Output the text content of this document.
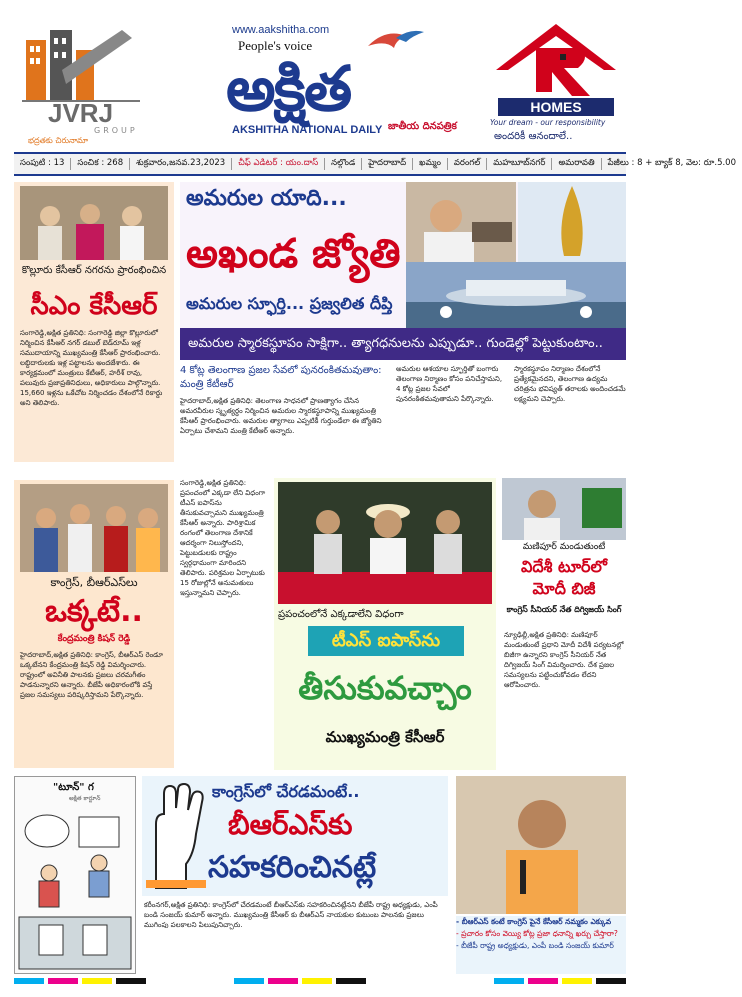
JVRJ
GROUP
భద్రతకు చిరునామా
www.aakshitha.com
People's voice
అక్షిత
AKSHITHA NATIONAL DAILY జాతీయ దినపత్రిక
HOMES
Your dream - our responsibility
అందరికీ ఆనందాలే..
సంపుటి : 13	సంచిక : 268	శుక్రవారం,జనవ.23,2023	చీఫ్ ఎడిటర్ : యం.దాస్	నల్గొండ	హైదరాబాద్	ఖమ్మం	వరంగల్	మహబూబ్‌నగర్	అమరావతి	పేజీలు : 8 + బ్యాక్ 8, వెల: రూ.5.00
కొల్లూరు కేసీఆర్ నగరను ప్రారంభించిన
సీఎం కేసీఆర్
సంగారెడ్డి,అక్షిత ప్రతినిధి: సంగారెడ్డి జిల్లా కొల్లూరులో నిర్మించిన కేసీఆర్ నగర్ డబుల్ బెడ్‌రూమ్ ఇళ్ల సముదాయాన్ని ముఖ్యమంత్రి కేసీఆర్ ప్రారంభించారు. లబ్దిదారులకు ఇళ్ల పట్టాలను అందజేశారు. ఈ కార్యక్రమంలో మంత్రులు కేటీఆర్, హరీశ్ రావు, పలువురు ప్రజాప్రతినిధులు, అధికారులు పాల్గొన్నారు. 15,660 ఇళ్లను ఒకేచోట నిర్మించడం దేశంలోనే రికార్డు అని తెలిపారు.
అమరుల యాది...
అఖండ జ్యోతి
అమరుల స్ఫూర్తి... ప్రజ్వలిత దీప్తి
అమరుల స్మారకస్థూపం సాక్షిగా.. త్యాగధనులను ఎప్పుడూ.. గుండెల్లో పెట్టుకుంటాం..
4 కోట్ల తెలంగాణ ప్రజల సేవలో పునరంకితమవుతాం: మంత్రి కేటీఆర్
హైదరాబాద్,అక్షిత ప్రతినిధి: తెలంగాణ సాధనలో ప్రాణత్యాగం చేసిన అమరవీరుల స్మృత్యర్థం నిర్మించిన అమరుల స్మారకస్థూపాన్ని ముఖ్యమంత్రి కేసీఆర్ ప్రారంభించారు. అమరుల త్యాగాలు ఎప్పటికీ గుర్తుండేలా ఈ జ్యోతిని ఏర్పాటు చేశామని మంత్రి కేటీఆర్ అన్నారు.
అమరుల ఆశయాల స్ఫూర్తితో బంగారు తెలంగాణ నిర్మాణం కోసం పనిచేస్తామని, 4 కోట్ల ప్రజల సేవలో పునరంకితమవుతామని పేర్కొన్నారు.
స్మారకస్థూపం నిర్మాణం దేశంలోనే ప్రత్యేకమైనదని, తెలంగాణ ఉద్యమ చరిత్రను భవిష్యత్ తరాలకు అందించడమే లక్ష్యమని చెప్పారు.
కాంగ్రెస్, బీఆర్ఎస్‌లు
ఒక్కటే..
కేంద్రమంత్రి కిషన్ రెడ్డి
హైదరాబాద్,అక్షిత ప్రతినిధి: కాంగ్రెస్, బీఆర్ఎస్ రెండూ ఒక్కటేనని కేంద్రమంత్రి కిషన్ రెడ్డి విమర్శించారు. రాష్ట్రంలో అవినీతి పాలనకు ప్రజలు చరమగీతం పాడనున్నారని అన్నారు. బీజేపీ అధికారంలోకి వస్తే ప్రజల సమస్యలు పరిష్కరిస్తామని పేర్కొన్నారు.
సంగారెడ్డి,అక్షిత ప్రతినిధి: ప్రపంచంలో ఎక్కడా లేని విధంగా టీఎస్ ఐపాస్‌ను తీసుకువచ్చామని ముఖ్యమంత్రి కేసీఆర్ అన్నారు. పారిశ్రామిక రంగంలో తెలంగాణ దేశానికే ఆదర్శంగా నిలుస్తోందని, పెట్టుబడులకు రాష్ట్రం స్వర్గధామంగా మారిందని తెలిపారు. పరిశ్రమల ఏర్పాటుకు 15 రోజుల్లోనే అనుమతులు ఇస్తున్నామని చెప్పారు.
ప్రపంచంలోనే ఎక్కడాలేని విధంగా
టీఎస్ ఐపాస్‌ను
తీసుకువచ్చాం
ముఖ్యమంత్రి కేసీఆర్
మణిపూర్ మండుతుంటే
విదేశీ టూర్‌లో మోదీ బిజీ
కాంగ్రెస్ సీనియర్ నేత దిగ్విజయ్ సింగ్
న్యూఢిల్లీ,అక్షిత ప్రతినిధి: మణిపూర్ మండుతుంటే ప్రధాని మోదీ విదేశీ పర్యటనల్లో బిజీగా ఉన్నారని కాంగ్రెస్ సీనియర్ నేత దిగ్విజయ్ సింగ్ విమర్శించారు. దేశ ప్రజల సమస్యలను పట్టించుకోవడం లేదని ఆరోపించారు.
"టూన్" గ
అక్షిత కార్టూన్	కాంగ్రెస్‌లో చేరడమంటే..
బీఆర్ఎస్‌కు
సహకరించినట్లే
కరీంనగర్,అక్షిత ప్రతినిధి: కాంగ్రెస్‌లో చేరడమంటే బీఆర్ఎస్‌కు సహకరించినట్లేనని బీజేపీ రాష్ట్ర అధ్యక్షుడు, ఎంపీ బండి సంజయ్ కుమార్ అన్నారు. ముఖ్యమంత్రి కేసీఆర్ కు బీఆర్ఎస్ నాయకుల కుటుంబ పాలనకు ప్రజలు ముగింపు పలకాలని పిలుపునిచ్చారు.	- బీఆర్ఎస్ కంటే కాంగ్రెస్ పైనే కేసీఆర్ నమ్మకం ఎక్కువ
- ప్రచారం కోసం వెయ్యి కోట్ల ప్రజా ధనాన్ని ఖర్చు చేస్తారా?
- బీజేపీ రాష్ట్ర అధ్యక్షుడు, ఎంపీ బండి సంజయ్ కుమార్
